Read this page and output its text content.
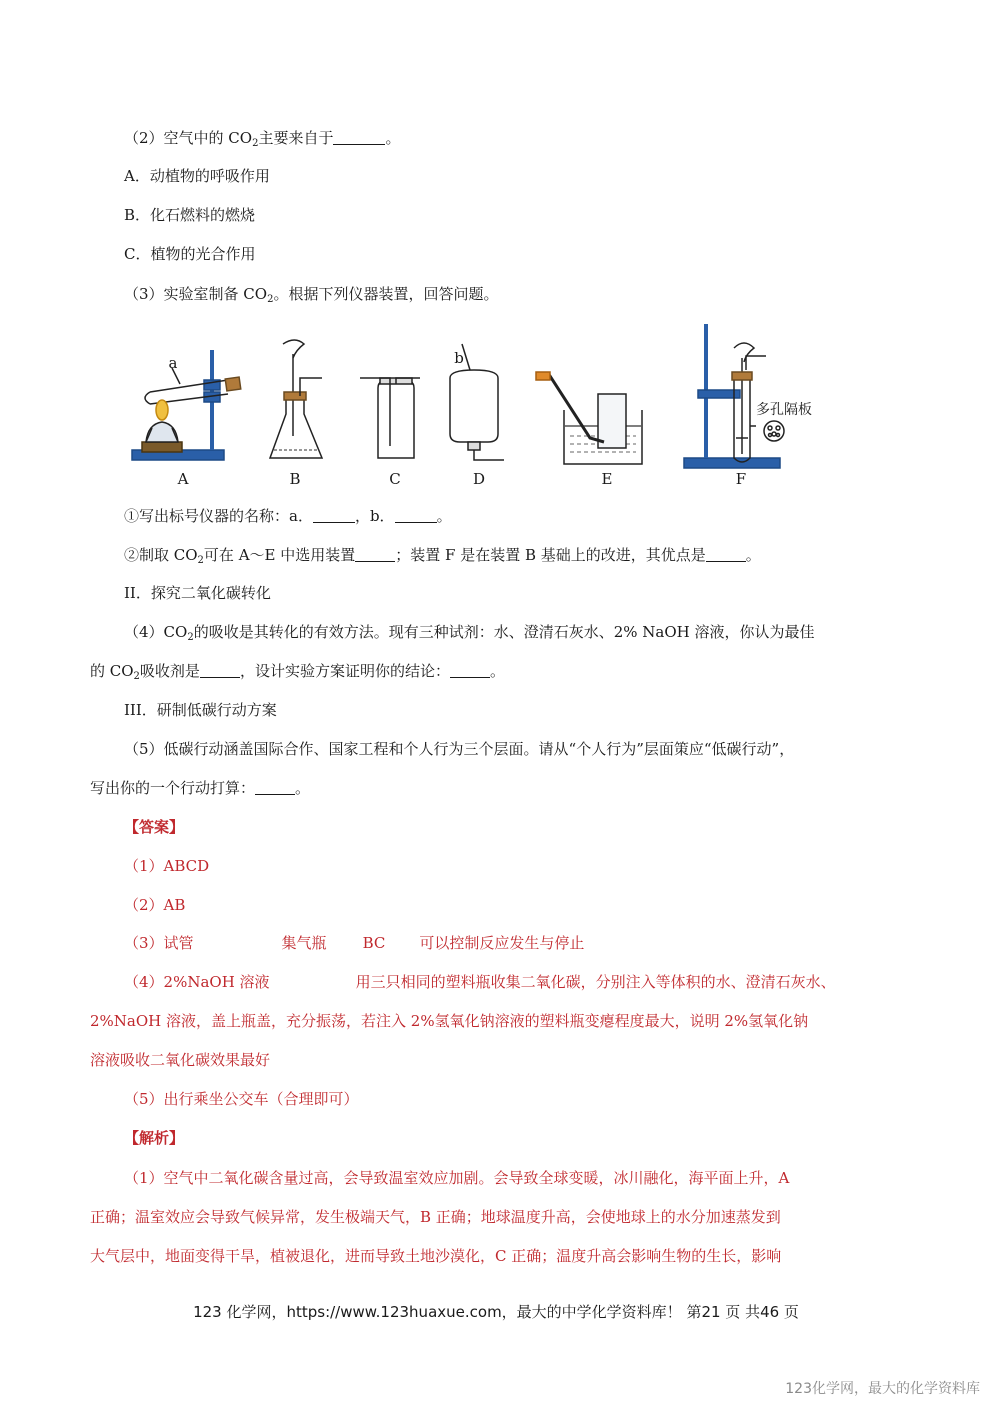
（2）空气中的 $CO_2$主要来自于	。
A．动植物的呼吸作用
B．化石燃料的燃烧
C．植物的光合作用
（3）实验室制备 $CO_2$。根据下列仪器装置，回答问题。
a	b
多孔隔板
A	B	C	D	E	F
①写出标号仪器的名称：a．	，b．	。
②制取 $CO_2$可在 A～E 中选用装置	；装置 F 是在装置 B 基础上的改进，其优点是	。
II．探究二氧化碳转化
$(4)CO_2$的吸收是其转化的有效方法。现有三种试剂：水、澄清石灰水、2% NaOH 溶液，你认为最佳
的 $CO_2$吸收剂是	，设计实验方案证明你的结论：	。
III．研制低碳行动方案
（5）低碳行动涵盖国际合作、国家工程和个人行为三个层面。请从“个人行为”层面策应“低碳行动”，
写出你的一个行动打算：	。
【答案】
（1）ABCD
（2）AB
（3）试管	集气瓶 BC 可以控制反应发生与停止
（4）2%NaOH 溶液	用三只相同的塑料瓶收集二氧化碳，分别注入等体积的水、澄清石灰水、
2%NaOH 溶液，盖上瓶盖，充分振荡，若注入 2%氢氧化钠溶液的塑料瓶变瘪程度最大，说明 2%氢氧化钠
溶液吸收二氧化碳效果最好
（5）出行乘坐公交车（合理即可）
【解析】
（1）空气中二氧化碳含量过高，会导致温室效应加剧。会导致全球变暖，冰川融化，海平面上升，A
正确；温室效应会导致气候异常，发生极端天气，B 正确；地球温度升高，会使地球上的水分加速蒸发到
大气层中，地面变得干旱，植被退化，进而导致土地沙漠化，C 正确；温度升高会影响生物的生长，影响
123 化学网，https://www.123huaxue.com，最大的中学化学资料库！ 第21 页 共46 页
123化学网，最大的化学资料库
